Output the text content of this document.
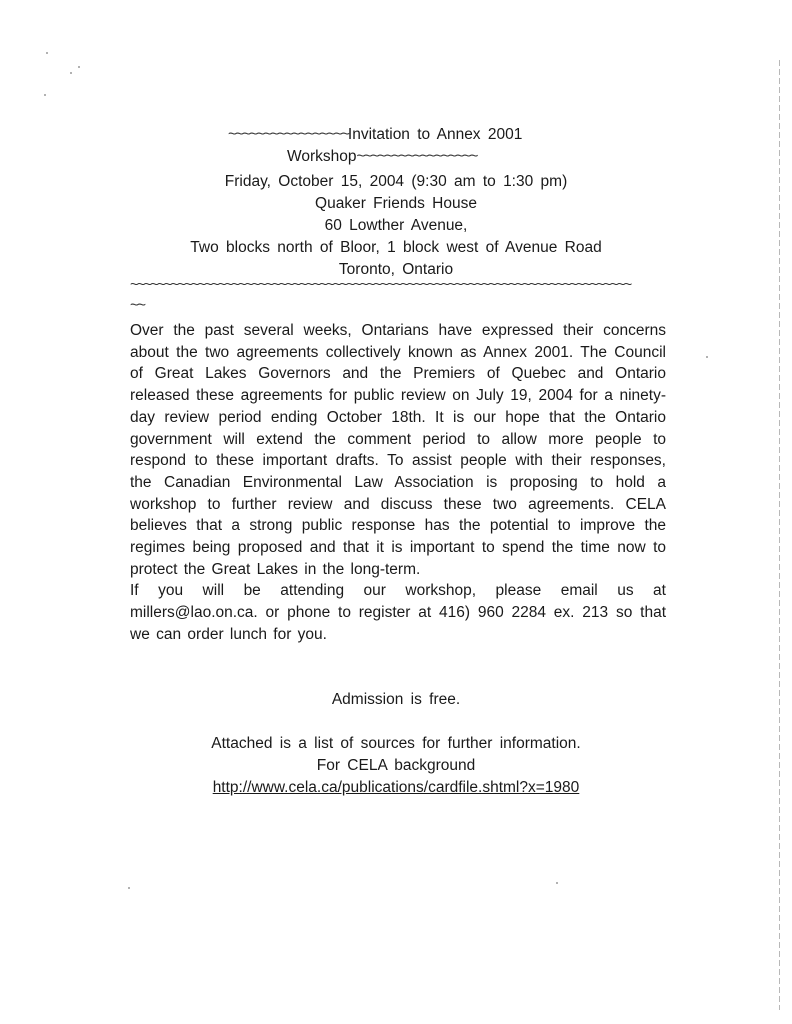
~~~~~~~~~~~~~~~~~Invitation to Annex 2001
Workshop~~~~~~~~~~~~~~~~~
Friday, October 15, 2004 (9:30 am to 1:30 pm)
Quaker Friends House
60 Lowther Avenue,
Two blocks north of Bloor, 1 block west of Avenue Road
Toronto, Ontario
~~~~~~~~~~~~~~~~~~~~~~~~~~~~~~~~~~~~~~~~~~~~~~~~~~~~~~~~~~~~~~~~~~~~~~~~~~
~~

Over the past several weeks, Ontarians have expressed their concerns about the two agreements collectively known as Annex 2001. The Council of Great Lakes Governors and the Premiers of Quebec and Ontario released these agreements for public review on July 19, 2004 for a ninety-day review period ending October 18th. It is our hope that the Ontario government will extend the comment period to allow more people to respond to these important drafts. To assist people with their responses, the Canadian Environmental Law Association is proposing to hold a workshop to further review and discuss these two agreements. CELA believes that a strong public response has the potential to improve the regimes being proposed and that it is important to spend the time now to protect the Great Lakes in the long-term.

If you will be attending our workshop, please email us at millers@lao.on.ca. or phone to register at 416) 960 2284 ex. 213 so that we can order lunch for you.

Admission is free.
Attached is a list of sources for further information.
For CELA background
http://www.cela.ca/publications/cardfile.shtml?x=1980
